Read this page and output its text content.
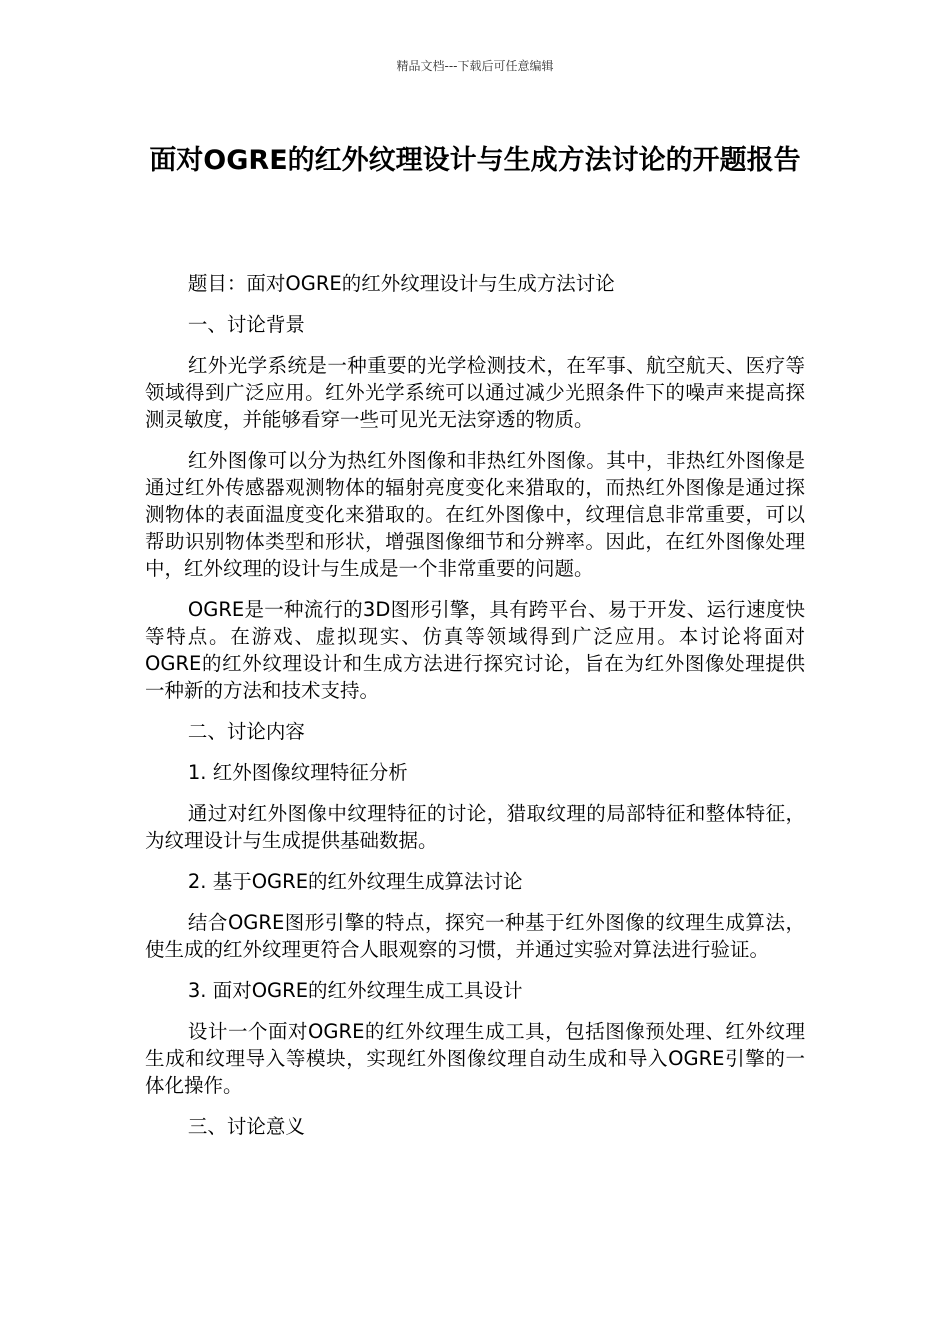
精品文档---下载后可任意编辑
面对OGRE的红外纹理设计与生成方法讨论的开题报告

题目：面对OGRE的红外纹理设计与生成方法讨论

一、讨论背景

红外光学系统是一种重要的光学检测技术，在军事、航空航天、医疗等领域得到广泛应用。红外光学系统可以通过减少光照条件下的噪声来提高探测灵敏度，并能够看穿一些可见光无法穿透的物质。

红外图像可以分为热红外图像和非热红外图像。其中，非热红外图像是通过红外传感器观测物体的辐射亮度变化来猎取的，而热红外图像是通过探测物体的表面温度变化来猎取的。在红外图像中，纹理信息非常重要，可以帮助识别物体类型和形状，增强图像细节和分辨率。因此，在红外图像处理中，红外纹理的设计与生成是一个非常重要的问题。

OGRE是一种流行的3D图形引擎，具有跨平台、易于开发、运行速度快等特点。在游戏、虚拟现实、仿真等领域得到广泛应用。本讨论将面对OGRE的红外纹理设计和生成方法进行探究讨论，旨在为红外图像处理提供一种新的方法和技术支持。

二、讨论内容

1. 红外图像纹理特征分析

通过对红外图像中纹理特征的讨论，猎取纹理的局部特征和整体特征，为纹理设计与生成提供基础数据。

2. 基于OGRE的红外纹理生成算法讨论

结合OGRE图形引擎的特点，探究一种基于红外图像的纹理生成算法，使生成的红外纹理更符合人眼观察的习惯，并通过实验对算法进行验证。

3. 面对OGRE的红外纹理生成工具设计

设计一个面对OGRE的红外纹理生成工具，包括图像预处理、红外纹理生成和纹理导入等模块，实现红外图像纹理自动生成和导入OGRE引擎的一体化操作。

三、讨论意义
